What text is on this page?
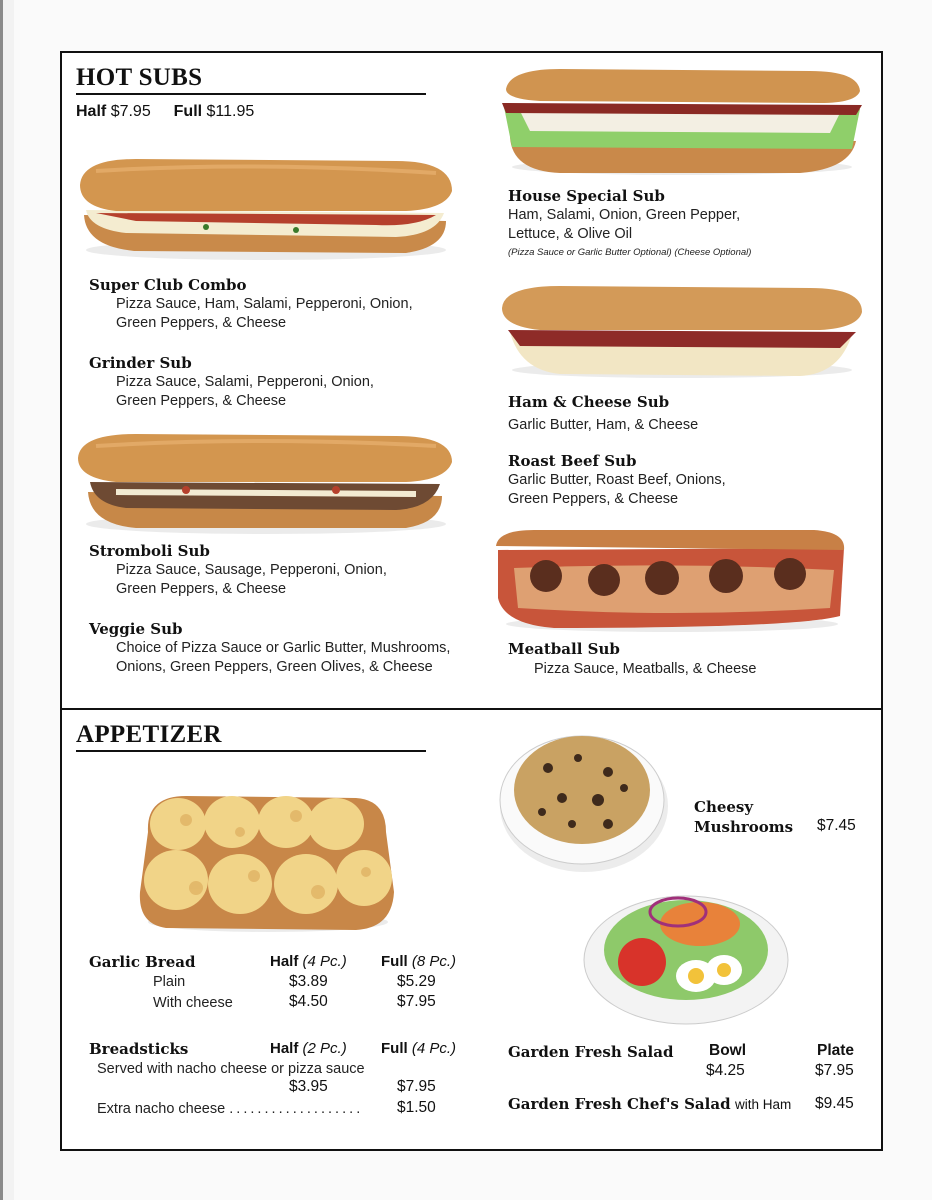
HOT SUBS
Half $7.95 Full $11.95
Super Club Combo
Pizza Sauce, Ham, Salami, Pepperoni, Onion,
Green Peppers, & Cheese
Grinder Sub
Pizza Sauce, Salami, Pepperoni, Onion,
Green Peppers, & Cheese
Stromboli Sub
Pizza Sauce, Sausage, Pepperoni, Onion,
Green Peppers, & Cheese
Veggie Sub
Choice of Pizza Sauce or Garlic Butter, Mushrooms,
Onions, Green Peppers, Green Olives, & Cheese
House Special Sub
Ham, Salami, Onion, Green Pepper,
Lettuce, & Olive Oil
(Pizza Sauce or Garlic Butter Optional) (Cheese Optional)
Ham & Cheese Sub
Garlic Butter, Ham, & Cheese
Roast Beef Sub
Garlic Butter, Roast Beef, Onions,
Green Peppers, & Cheese
Meatball Sub
Pizza Sauce, Meatballs, & Cheese
APPETIZER
Garlic Bread	Half (4 Pc.) Full (8 Pc.)
Plain	$3.89	$5.29
With cheese	$4.50	$7.95
Breadsticks	Half (2 Pc.) Full (4 Pc.)
Served with nacho cheese or pizza sauce
$3.95	$7.95
Extra nacho cheese . . . . . . . . . . . . . . . . . . . $1.50
Cheesy
Mushrooms $7.45
Garden Fresh Salad Bowl	Plate
$4.25	$7.95
Garden Fresh Chef's Salad with Ham $9.45
